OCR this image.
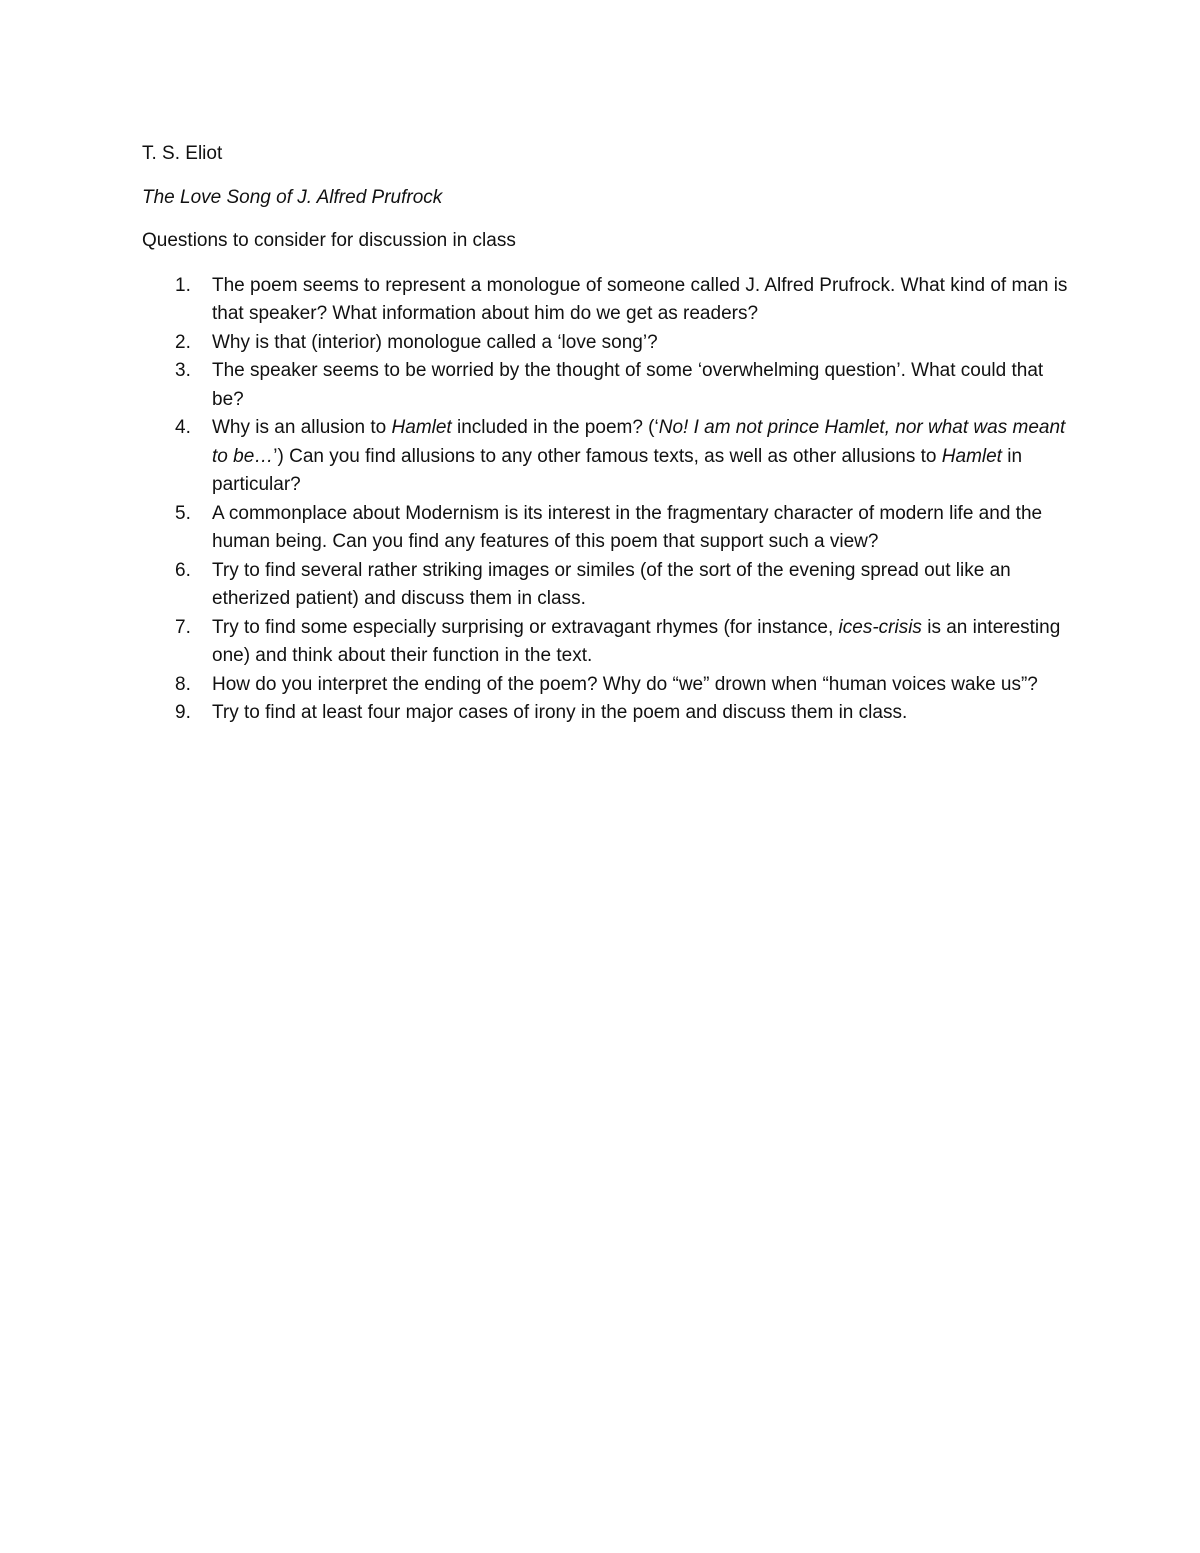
T. S. Eliot
The Love Song of J. Alfred Prufrock
Questions to consider for discussion in class
1. The poem seems to represent a monologue of someone called J. Alfred Prufrock. What kind of man is that speaker? What information about him do we get as readers?
2. Why is that (interior) monologue called a ‘love song’?
3. The speaker seems to be worried by the thought of some ‘overwhelming question’. What could that be?
4. Why is an allusion to Hamlet included in the poem? (‘No! I am not prince Hamlet, nor what was meant to be…’) Can you find allusions to any other famous texts, as well as other allusions to Hamlet in particular?
5. A commonplace about Modernism is its interest in the fragmentary character of modern life and the human being. Can you find any features of this poem that support such a view?
6. Try to find several rather striking images or similes (of the sort of the evening spread out like an etherized patient) and discuss them in class.
7. Try to find some especially surprising or extravagant rhymes (for instance, ices-crisis is an interesting one) and think about their function in the text.
8. How do you interpret the ending of the poem? Why do “we” drown when “human voices wake us”?
9. Try to find at least four major cases of irony in the poem and discuss them in class.
